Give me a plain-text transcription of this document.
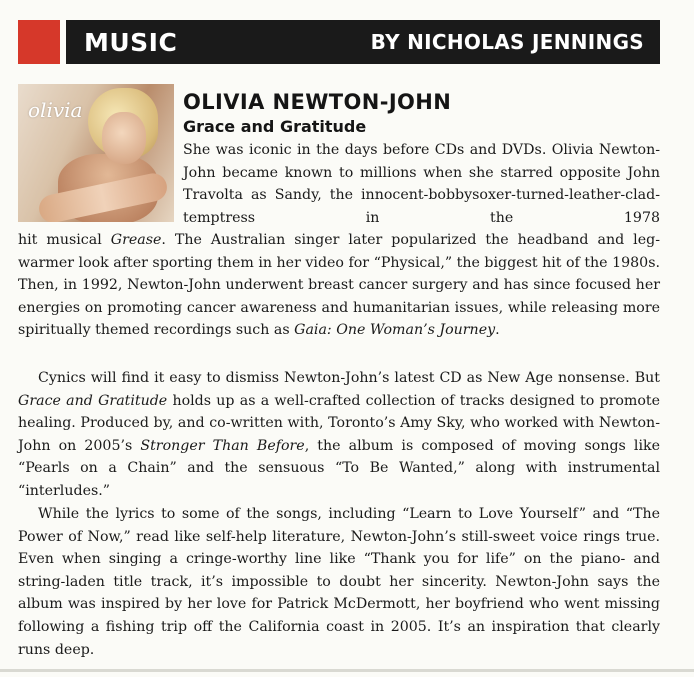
MUSIC	BY NICHOLAS JENNINGS
olivia	OLIVIA NEWTON-JOHN
Grace and Gratitude

She was iconic in the days before CDs and DVDs. Olivia Newton-John became known to millions when she starred opposite John Travolta as Sandy, the innocent-bobbysoxer-turned-leather-clad-temptress in the 1978

hit musical Grease. The Australian singer later popularized the headband and leg-warmer look after sporting them in her video for “Physical,” the biggest hit of the 1980s. Then, in 1992, Newton-John underwent breast cancer surgery and has since focused her energies on promoting cancer awareness and humanitarian issues, while releasing more spiritually themed recordings such as Gaia: One Woman’s Journey.

Cynics will find it easy to dismiss Newton-John’s latest CD as New Age nonsense. But Grace and Gratitude holds up as a well-crafted collection of tracks designed to promote healing. Produced by, and co-written with, Toronto’s Amy Sky, who worked with Newton-John on 2005’s Stronger Than Before, the album is composed of moving songs like “Pearls on a Chain” and the sensuous “To Be Wanted,” along with instrumental “interludes.”

While the lyrics to some of the songs, including “Learn to Love Yourself” and “The Power of Now,” read like self-help literature, Newton-John’s still-sweet voice rings true. Even when singing a cringe-worthy line like “Thank you for life” on the piano- and string-laden title track, it’s impossible to doubt her sincerity. Newton-John says the album was inspired by her love for Patrick McDermott, her boyfriend who went missing following a fishing trip off the California coast in 2005. It’s an inspiration that clearly runs deep.
